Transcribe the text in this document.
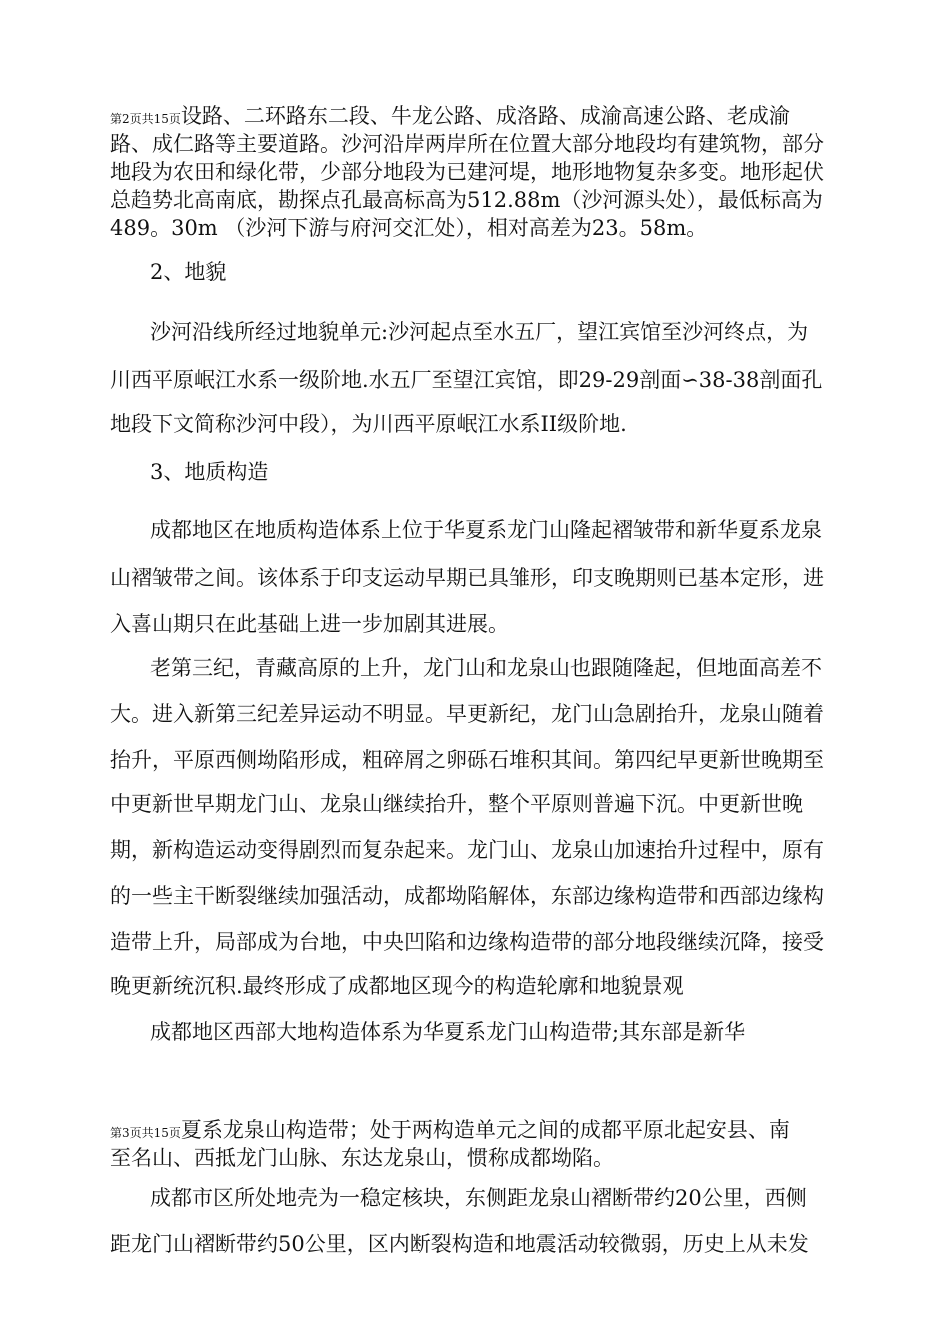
第2页共15页设路、二环路东二段、牛龙公路、成洛路、成渝高速公路、老成渝
路、成仁路等主要道路。沙河沿岸两岸所在位置大部分地段均有建筑物，部分
地段为农田和绿化带，少部分地段为已建河堤，地形地物复杂多变。地形起伏
总趋势北高南底，勘探点孔最高标高为512.88m（沙河源头处），最低标高为
489。30m （沙河下游与府河交汇处），相对高差为23。58m。
2、地貌
沙河沿线所经过地貌单元:沙河起点至水五厂，望江宾馆至沙河终点，为
川西平原岷江水系一级阶地.水五厂至望江宾馆，即29-29剖面∽38-38剖面孔
地段下文简称沙河中段），为川西平原岷江水系II级阶地.
3、地质构造
成都地区在地质构造体系上位于华夏系龙门山隆起褶皱带和新华夏系龙泉
山褶皱带之间。该体系于印支运动早期已具雏形，印支晚期则已基本定形，进
入喜山期只在此基础上进一步加剧其进展。
老第三纪，青藏高原的上升，龙门山和龙泉山也跟随隆起，但地面高差不
大。进入新第三纪差异运动不明显。早更新纪，龙门山急剧抬升，龙泉山随着
抬升，平原西侧坳陷形成，粗碎屑之卵砾石堆积其间。第四纪早更新世晚期至
中更新世早期龙门山、龙泉山继续抬升，整个平原则普遍下沉。中更新世晚
期，新构造运动变得剧烈而复杂起来。龙门山、龙泉山加速抬升过程中，原有
的一些主干断裂继续加强活动，成都坳陷解体，东部边缘构造带和西部边缘构
造带上升，局部成为台地，中央凹陷和边缘构造带的部分地段继续沉降，接受
晚更新统沉积.最终形成了成都地区现今的构造轮廓和地貌景观
成都地区西部大地构造体系为华夏系龙门山构造带;其东部是新华
第3页共15页夏系龙泉山构造带；处于两构造单元之间的成都平原北起安县、南
至名山、西抵龙门山脉、东达龙泉山，惯称成都坳陷。
成都市区所处地壳为一稳定核块，东侧距龙泉山褶断带约20公里，西侧
距龙门山褶断带约50公里，区内断裂构造和地震活动较微弱，历史上从未发
